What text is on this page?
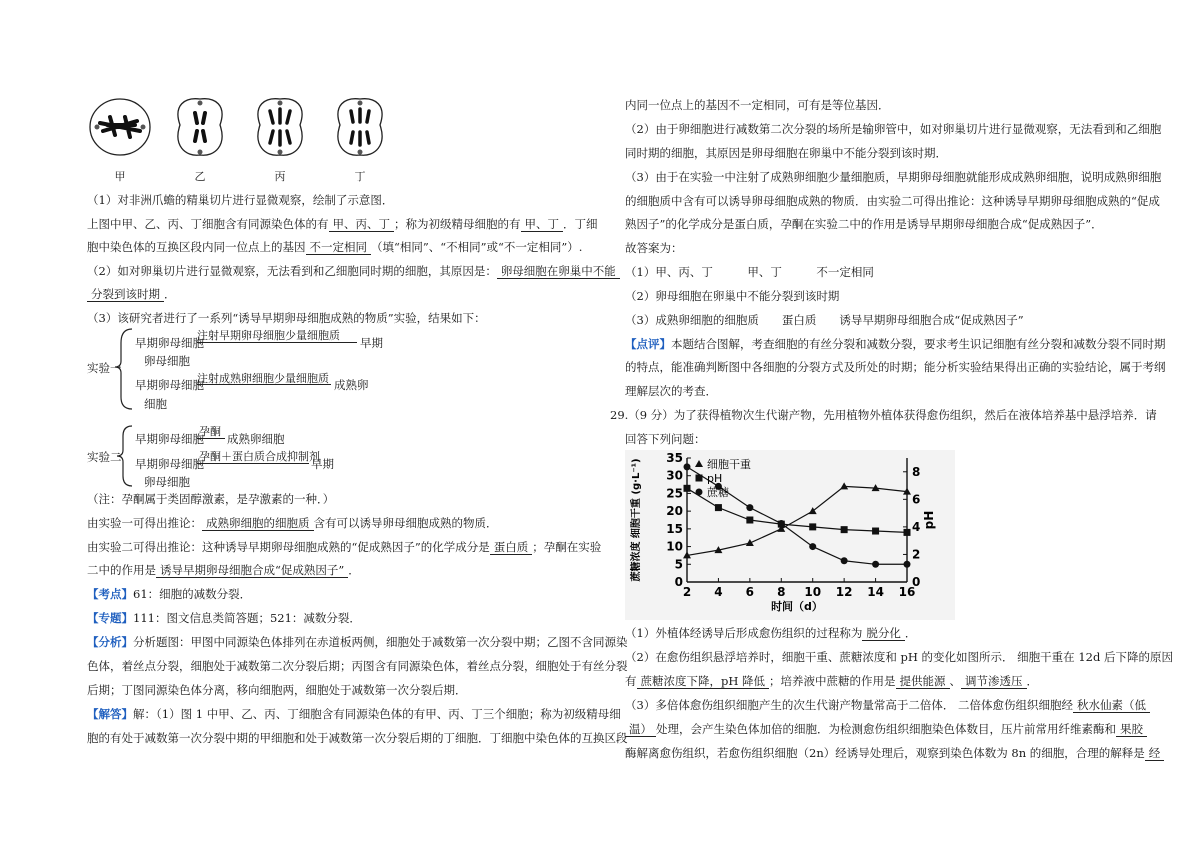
甲	乙	丙	丁
（1）对非洲爪蟾的精巢切片进行显微观察，绘制了示意图．
上图中甲、乙、丙、丁细胞含有同源染色体的有 甲、丙、丁 ；称为初级精母细胞的有 甲、丁 ．丁细
胞中染色体的互换区段内同一位点上的基因 不一定相同 （填“相同”、“不相同”或“不一定相同”）.
（2）如对卵巢切片进行显微观察，无法看到和乙细胞同时期的细胞，其原因是： 卵母细胞在卵巢中不能
分裂到该时期 ．
（3）该研究者进行了一系列“诱导早期卵母细胞成熟的物质”实验，结果如下：
实验一
早期卵母细胞
注射早期卵母细胞少量细胞质
早期
卵母细胞
早期卵母细胞
注射成熟卵细胞少量细胞质 成熟卵
细胞
实验二
早期卵母细胞
孕酮
成熟卵细胞
早期卵母细胞
孕酮＋蛋白质合成抑制剂
早期
卵母细胞
（注：孕酮属于类固醇激素，是孕激素的一种．）
由实验一可得出推论： 成熟卵细胞的细胞质 含有可以诱导卵母细胞成熟的物质．
由实验二可得出推论：这种诱导早期卵母细胞成熟的“促成熟因子”的化学成分是 蛋白质 ；孕酮在实验
二中的作用是 诱导早期卵母细胞合成“促成熟因子” ．
【考点】61：细胞的减数分裂．
【专题】111：图文信息类简答题；521：减数分裂．
【分析】分析题图：甲图中同源染色体排列在赤道板两侧，细胞处于减数第一次分裂中期；乙图不含同源染
色体，着丝点分裂，细胞处于减数第二次分裂后期；丙图含有同源染色体，着丝点分裂，细胞处于有丝分裂
后期；丁图同源染色体分离，移向细胞两，细胞处于减数第一次分裂后期．
【解答】解：（1）图 1 中甲、乙、丙、丁细胞含有同源染色体的有甲、丙、丁三个细胞；称为初级精母细
胞的有处于减数第一次分裂中期的甲细胞和处于减数第一次分裂后期的丁细胞．丁细胞中染色体的互换区段
内同一位点上的基因不一定相同，可有是等位基因．
（2）由于卵细胞进行减数第二次分裂的场所是输卵管中，如对卵巢切片进行显微观察，无法看到和乙细胞
同时期的细胞，其原因是卵母细胞在卵巢中不能分裂到该时期．
（3）由于在实验一中注射了成熟卵细胞少量细胞质，早期卵母细胞就能形成成熟卵细胞，说明成熟卵细胞
的细胞质中含有可以诱导卵母细胞成熟的物质．由实验二可得出推论：这种诱导早期卵母细胞成熟的“促成
熟因子”的化学成分是蛋白质，孕酮在实验二中的作用是诱导早期卵母细胞合成“促成熟因子”．
故答案为：
（1）甲、丙、丁　　　甲、丁　　　不一定相同
（2）卵母细胞在卵巢中不能分裂到该时期
（3）成熟卵细胞的细胞质　　蛋白质　　诱导早期卵母细胞合成“促成熟因子”
【点评】本题结合图解，考查细胞的有丝分裂和减数分裂，要求考生识记细胞有丝分裂和减数分裂不同时期
的特点，能准确判断图中各细胞的分裂方式及所处的时期；能分析实验结果得出正确的实验结论，属于考纲
理解层次的考查．
29.（9 分）为了获得植物次生代谢产物，先用植物外植体获得愈伤组织，然后在液体培养基中悬浮培养．请
回答下列问题：
0
5
10
15
20
25
30
35
0
2
4
6
8
2 4 6 8 10 12 14 16
时间（d）
蔗糖浓度 细胞干重 (g·L⁻¹)	pH
细胞干重
pH
蔗糖
（1）外植体经诱导后形成愈伤组织的过程称为 脱分化 ．
（2）在愈伤组织悬浮培养时，细胞干重、蔗糖浓度和 pH 的变化如图所示． 细胞干重在 12d 后下降的原因
有 蔗糖浓度下降，pH 降低 ；培养液中蔗糖的作用是 提供能源 、 调节渗透压 ．
（3）多倍体愈伤组织细胞产生的次生代谢产物量常高于二倍体． 二倍体愈伤组织细胞经 秋水仙素（低
温） 处理，会产生染色体加倍的细胞．为检测愈伤组织细胞染色体数目，压片前常用纤维素酶和 果胶
酶解离愈伤组织，若愈伤组织细胞（2n）经诱导处理后，观察到染色体数为 8n 的细胞，合理的解释是 经
